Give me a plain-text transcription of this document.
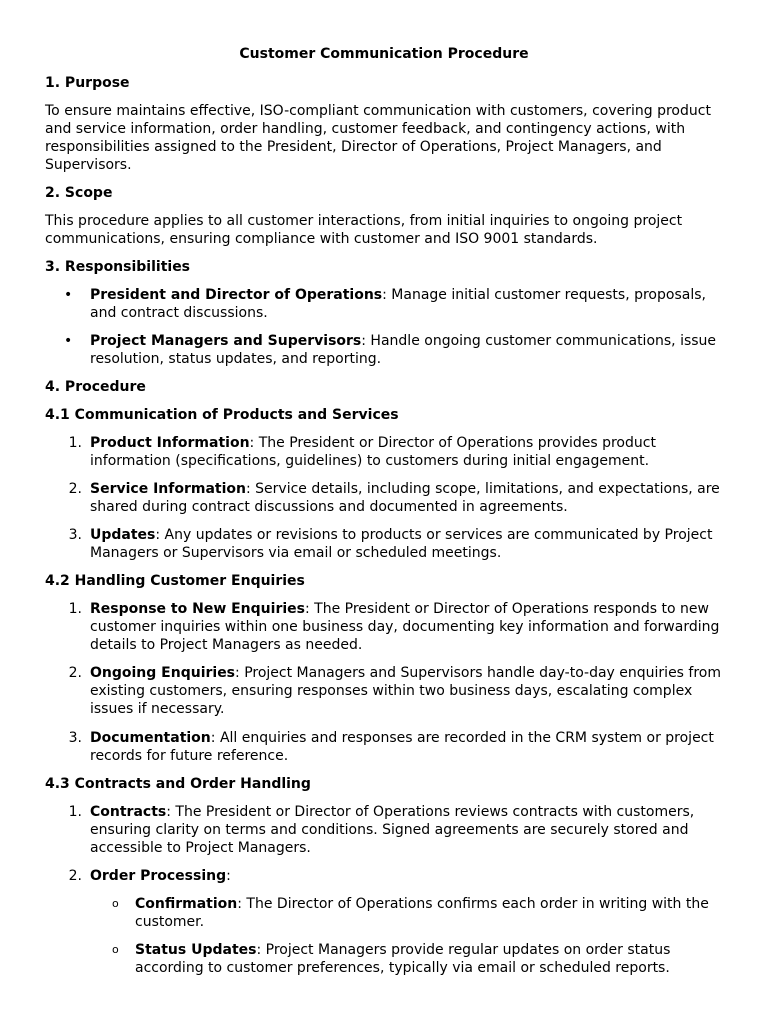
Customer Communication Procedure

1. Purpose

To ensure maintains effective, ISO-compliant communication with customers, covering product

and service information, order handling, customer feedback, and contingency actions, with

responsibilities assigned to the President, Director of Operations, Project Managers, and

Supervisors.

2. Scope

This procedure applies to all customer interactions, from initial inquiries to ongoing project

communications, ensuring compliance with customer and ISO 9001 standards.

3. Responsibilities

• President and Director of Operations: Manage initial customer requests, proposals,

and contract discussions.

• Project Managers and Supervisors: Handle ongoing customer communications, issue

resolution, status updates, and reporting.

4. Procedure

4.1 Communication of Products and Services

1. Product Information: The President or Director of Operations provides product

information (specifications, guidelines) to customers during initial engagement.

2. Service Information: Service details, including scope, limitations, and expectations, are

shared during contract discussions and documented in agreements.

3. Updates: Any updates or revisions to products or services are communicated by Project

Managers or Supervisors via email or scheduled meetings.

4.2 Handling Customer Enquiries

1. Response to New Enquiries: The President or Director of Operations responds to new

customer inquiries within one business day, documenting key information and forwarding

details to Project Managers as needed.

2. Ongoing Enquiries: Project Managers and Supervisors handle day-to-day enquiries from

existing customers, ensuring responses within two business days, escalating complex

issues if necessary.

3. Documentation: All enquiries and responses are recorded in the CRM system or project

records for future reference.

4.3 Contracts and Order Handling

1. Contracts: The President or Director of Operations reviews contracts with customers,

ensuring clarity on terms and conditions. Signed agreements are securely stored and

accessible to Project Managers.

2. Order Processing:

o Confirmation: The Director of Operations confirms each order in writing with the

customer.

o Status Updates: Project Managers provide regular updates on order status

according to customer preferences, typically via email or scheduled reports.
